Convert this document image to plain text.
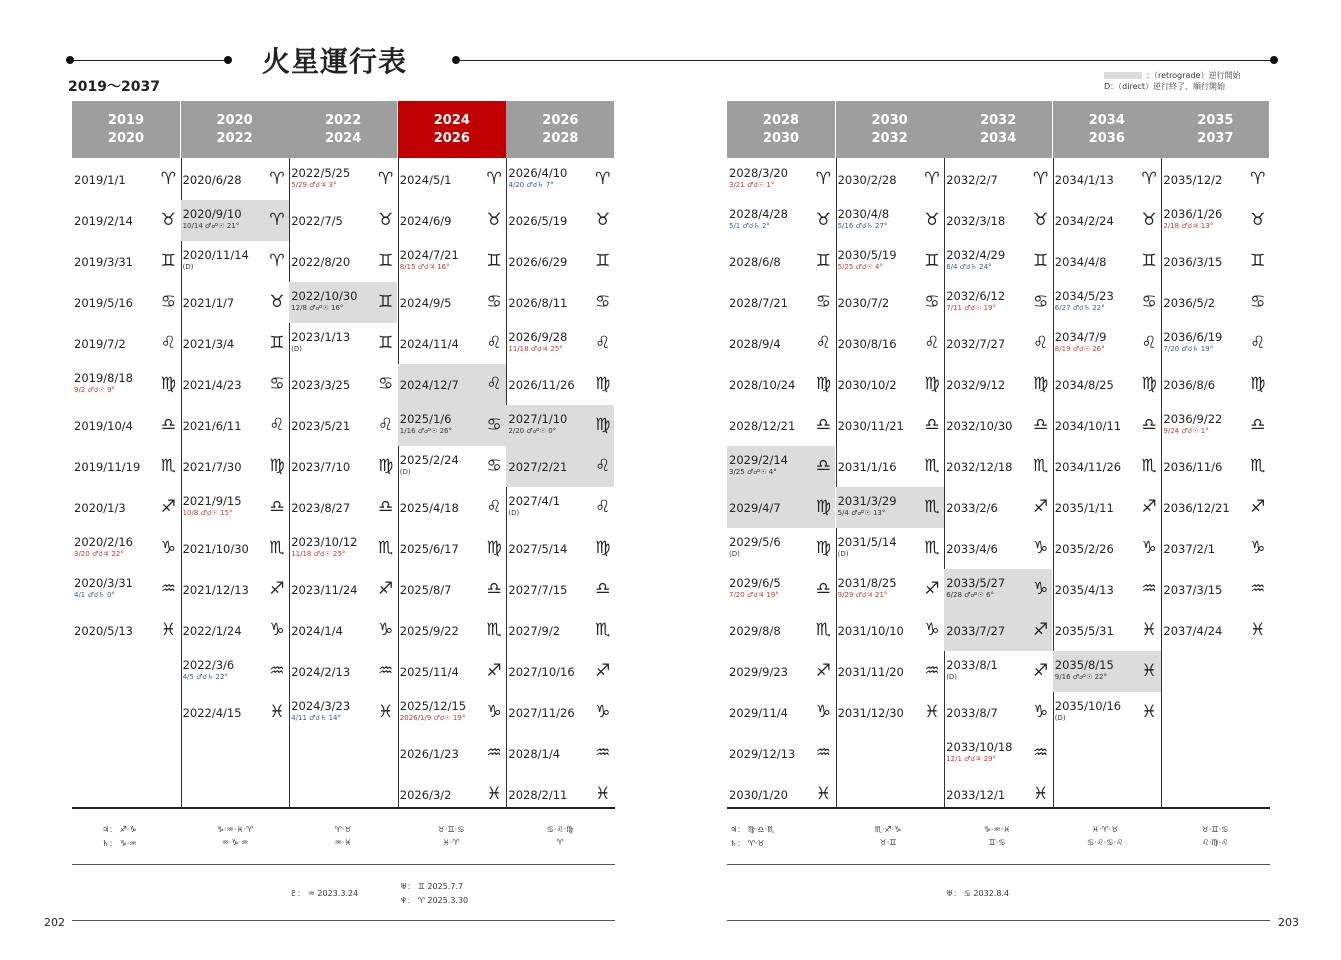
火星運行表
2019～2037
：（retrograde）逆行開始
D：（direct）逆行終了、順行開始
2019
2020
2019/1/1 ♈
2019/2/14 ♉
2019/3/31 ♊
2019/5/16 ♋
2019/7/2 ♌
2019/8/18
9/2 ♂☌☉ 9°	♍
2019/10/4 ♎
2019/11/19 ♏
2020/1/3 ♐
2020/2/16
3/20 ♂☌♃ 22° ♑
2020/3/31
4/1 ♂☌♄ 0°	♒
2020/5/13 ♓
2020
2022
2020/6/28 ♈
2020/9/10
10/14 ♂☍☉ 21° ♈
2020/11/14
(D)	♈
2021/1/7 ♉
2021/3/4 ♊
2021/4/23 ♋
2021/6/11 ♌
2021/7/30 ♍
2021/9/15
10/8 ♂☌☉ 15° ♎
2021/10/30 ♏
2021/12/13 ♐
2022/1/24 ♑
2022/3/6
4/5 ♂☌♄ 22° ♒
2022/4/15 ♓
2022
2024
2022/5/25
5/29 ♂☌♃ 3° ♈
2022/7/5 ♉
2022/8/20 ♊
2022/10/30
12/8 ♂☍☉ 16° ♊
2023/1/13
(D)	♊
2023/3/25 ♋
2023/5/21 ♌
2023/7/10 ♍
2023/8/27 ♎
2023/10/12
11/18 ♂☌☉ 25° ♏
2023/11/24 ♐
2024/1/4 ♑
2024/2/13 ♒
2024/3/23
4/11 ♂☌♄ 14° ♓
2024
2026
2024/5/1 ♈
2024/6/9 ♉
2024/7/21
8/15 ♂☌♃ 16° ♊
2024/9/5 ♋
2024/11/4 ♌
2024/12/7 ♌
2025/1/6
1/16 ♂☍☉ 26° ♋
2025/2/24
(D)	♋
2025/4/18 ♌
2025/6/17 ♍
2025/8/7 ♎
2025/9/22 ♏
2025/11/4 ♐
2025/12/15
2026/1/9 ♂☌☉ 19° ♑
2026/1/23 ♒
2026/3/2 ♓
2026
2028
2026/4/10
4/20 ♂☌♄ 7° ♈
2026/5/19 ♉
2026/6/29 ♊
2026/8/11 ♋
2026/9/28
11/18 ♂☌♃ 25° ♌
2026/11/26 ♍
2027/1/10
2/20 ♂☍☉ 0° ♍
2027/2/21 ♌
2027/4/1
(D)	♌
2027/5/14 ♍
2027/7/15 ♎
2027/9/2 ♏
2027/10/16 ♐
2027/11/26 ♑
2028/1/4 ♒
2028/2/11 ♓
2028
2030
2028/3/20
3/21 ♂☌☉ 1° ♈
2028/4/28
5/1 ♂☌♄ 2°	♉
2028/6/8 ♊
2028/7/21 ♋
2028/9/4 ♌
2028/10/24 ♍
2028/12/21 ♎
2029/2/14
3/25 ♂☍☉ 4° ♎
2029/4/7 ♍
2029/5/6
(D)	♍
2029/6/5
7/20 ♂☌♃ 19° ♎
2029/8/8 ♏
2029/9/23 ♐
2029/11/4 ♑
2029/12/13 ♒
2030/1/20 ♓
2030
2032
2030/2/28 ♈
2030/4/8
5/16 ♂☌♄ 27° ♉
2030/5/19
5/25 ♂☌☉ 4° ♊
2030/7/2 ♋
2030/8/16 ♌
2030/10/2 ♍
2030/11/21 ♎
2031/1/16 ♏
2031/3/29
5/4 ♂☍☉ 13° ♏
2031/5/14
(D)	♏
2031/8/25
9/29 ♂☌♃ 21° ♐
2031/10/10 ♑
2031/11/20 ♒
2031/12/30 ♓
2032
2034
2032/2/7 ♈
2032/3/18 ♉
2032/4/29
6/4 ♂☌♄ 24° ♊
2032/6/12
7/11 ♂☌☉ 19° ♋
2032/7/27 ♌
2032/9/12 ♍
2032/10/30 ♎
2032/12/18 ♏
2033/2/6 ♐
2033/4/6 ♑
2033/5/27
6/28 ♂☍☉ 6° ♑
2033/7/27 ♐
2033/8/1
(D)	♐
2033/8/7 ♑
2033/10/18
12/1 ♂☌♃ 29° ♒
2033/12/1 ♓
2034
2036
2034/1/13 ♈
2034/2/24 ♉
2034/4/8 ♊
2034/5/23
6/27 ♂☌♄ 22° ♋
2034/7/9
8/19 ♂☌☉ 26° ♌
2034/8/25 ♍
2034/10/11 ♎
2034/11/26 ♏
2035/1/11 ♐
2035/2/26 ♑
2035/4/13 ♒
2035/5/31 ♓
2035/8/15
9/16 ♂☍☉ 22° ♓
2035/10/16
(D)	♓
2035
2037
2035/12/2 ♈
2036/1/26
2/18 ♂☌♃ 13° ♉
2036/3/15 ♊
2036/5/2 ♋
2036/6/19
7/20 ♂☌♄ 19° ♌
2036/8/6 ♍
2036/9/22
9/24 ♂☌☉ 1° ♎
2036/11/6 ♏
2036/12/21 ♐
2037/2/1 ♑
2037/3/15 ♒
2037/4/24 ♓
♃： ♐·♑
♄： ♑·♒
♑·♒·♓·♈
♒·♑·♒
♈·♉
♒·♓
♉·♊·♋
♓·♈
♋·♌·♍
♈
♇： ♒ 2023.3.24
♅： ♊ 2025.7.7
♆： ♈ 2025.3.30
202
♃： ♍·♎·♏
♄： ♈·♉
♏·♐·♑
♉·♊
♑·♒·♓
♊·♋
♓·♈·♉
♋·♌·♋·♌
♉·♊·♋
♌·♍·♌
♅： ♋ 2032.8.4
203
